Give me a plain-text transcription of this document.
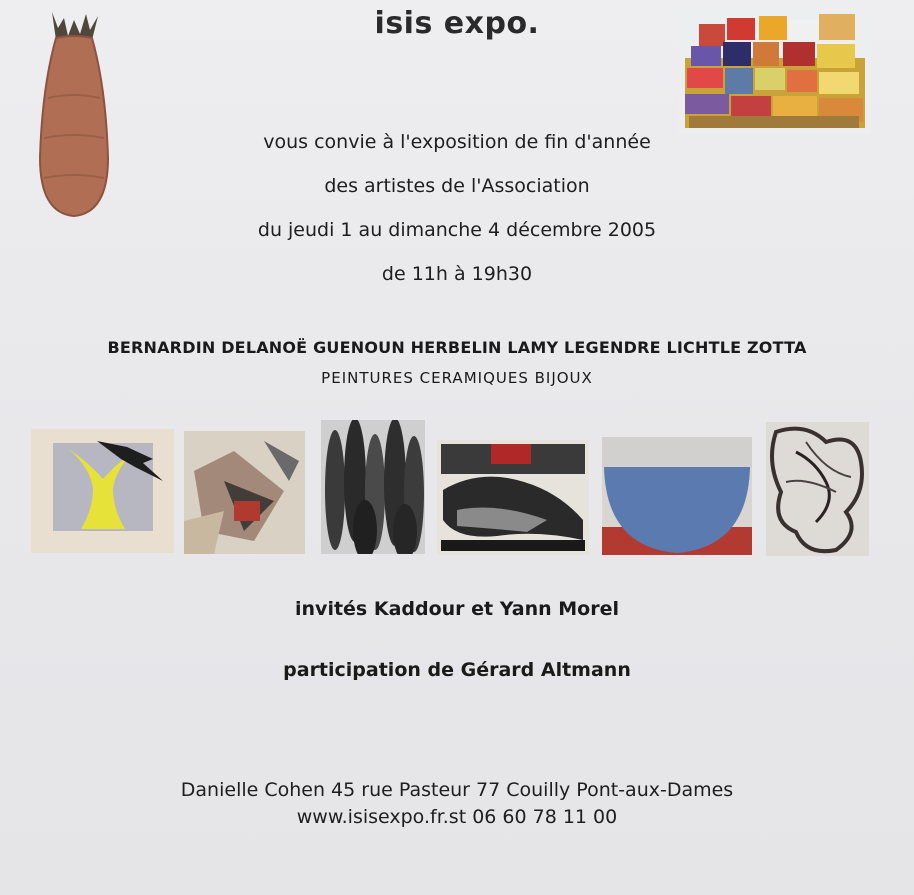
isis expo.
vous convie à l'exposition de fin d'année
des artistes de l'Association
du jeudi 1 au dimanche 4 décembre 2005
de 11h à 19h30
BERNARDIN DELANOË GUENOUN HERBELIN LAMY LEGENDRE LICHTLE ZOTTA
PEINTURES CERAMIQUES BIJOUX
invités Kaddour et Yann Morel
participation de Gérard Altmann
Danielle Cohen 45 rue Pasteur 77 Couilly Pont-aux-Dames
www.isisexpo.fr.st 06 60 78 11 00
